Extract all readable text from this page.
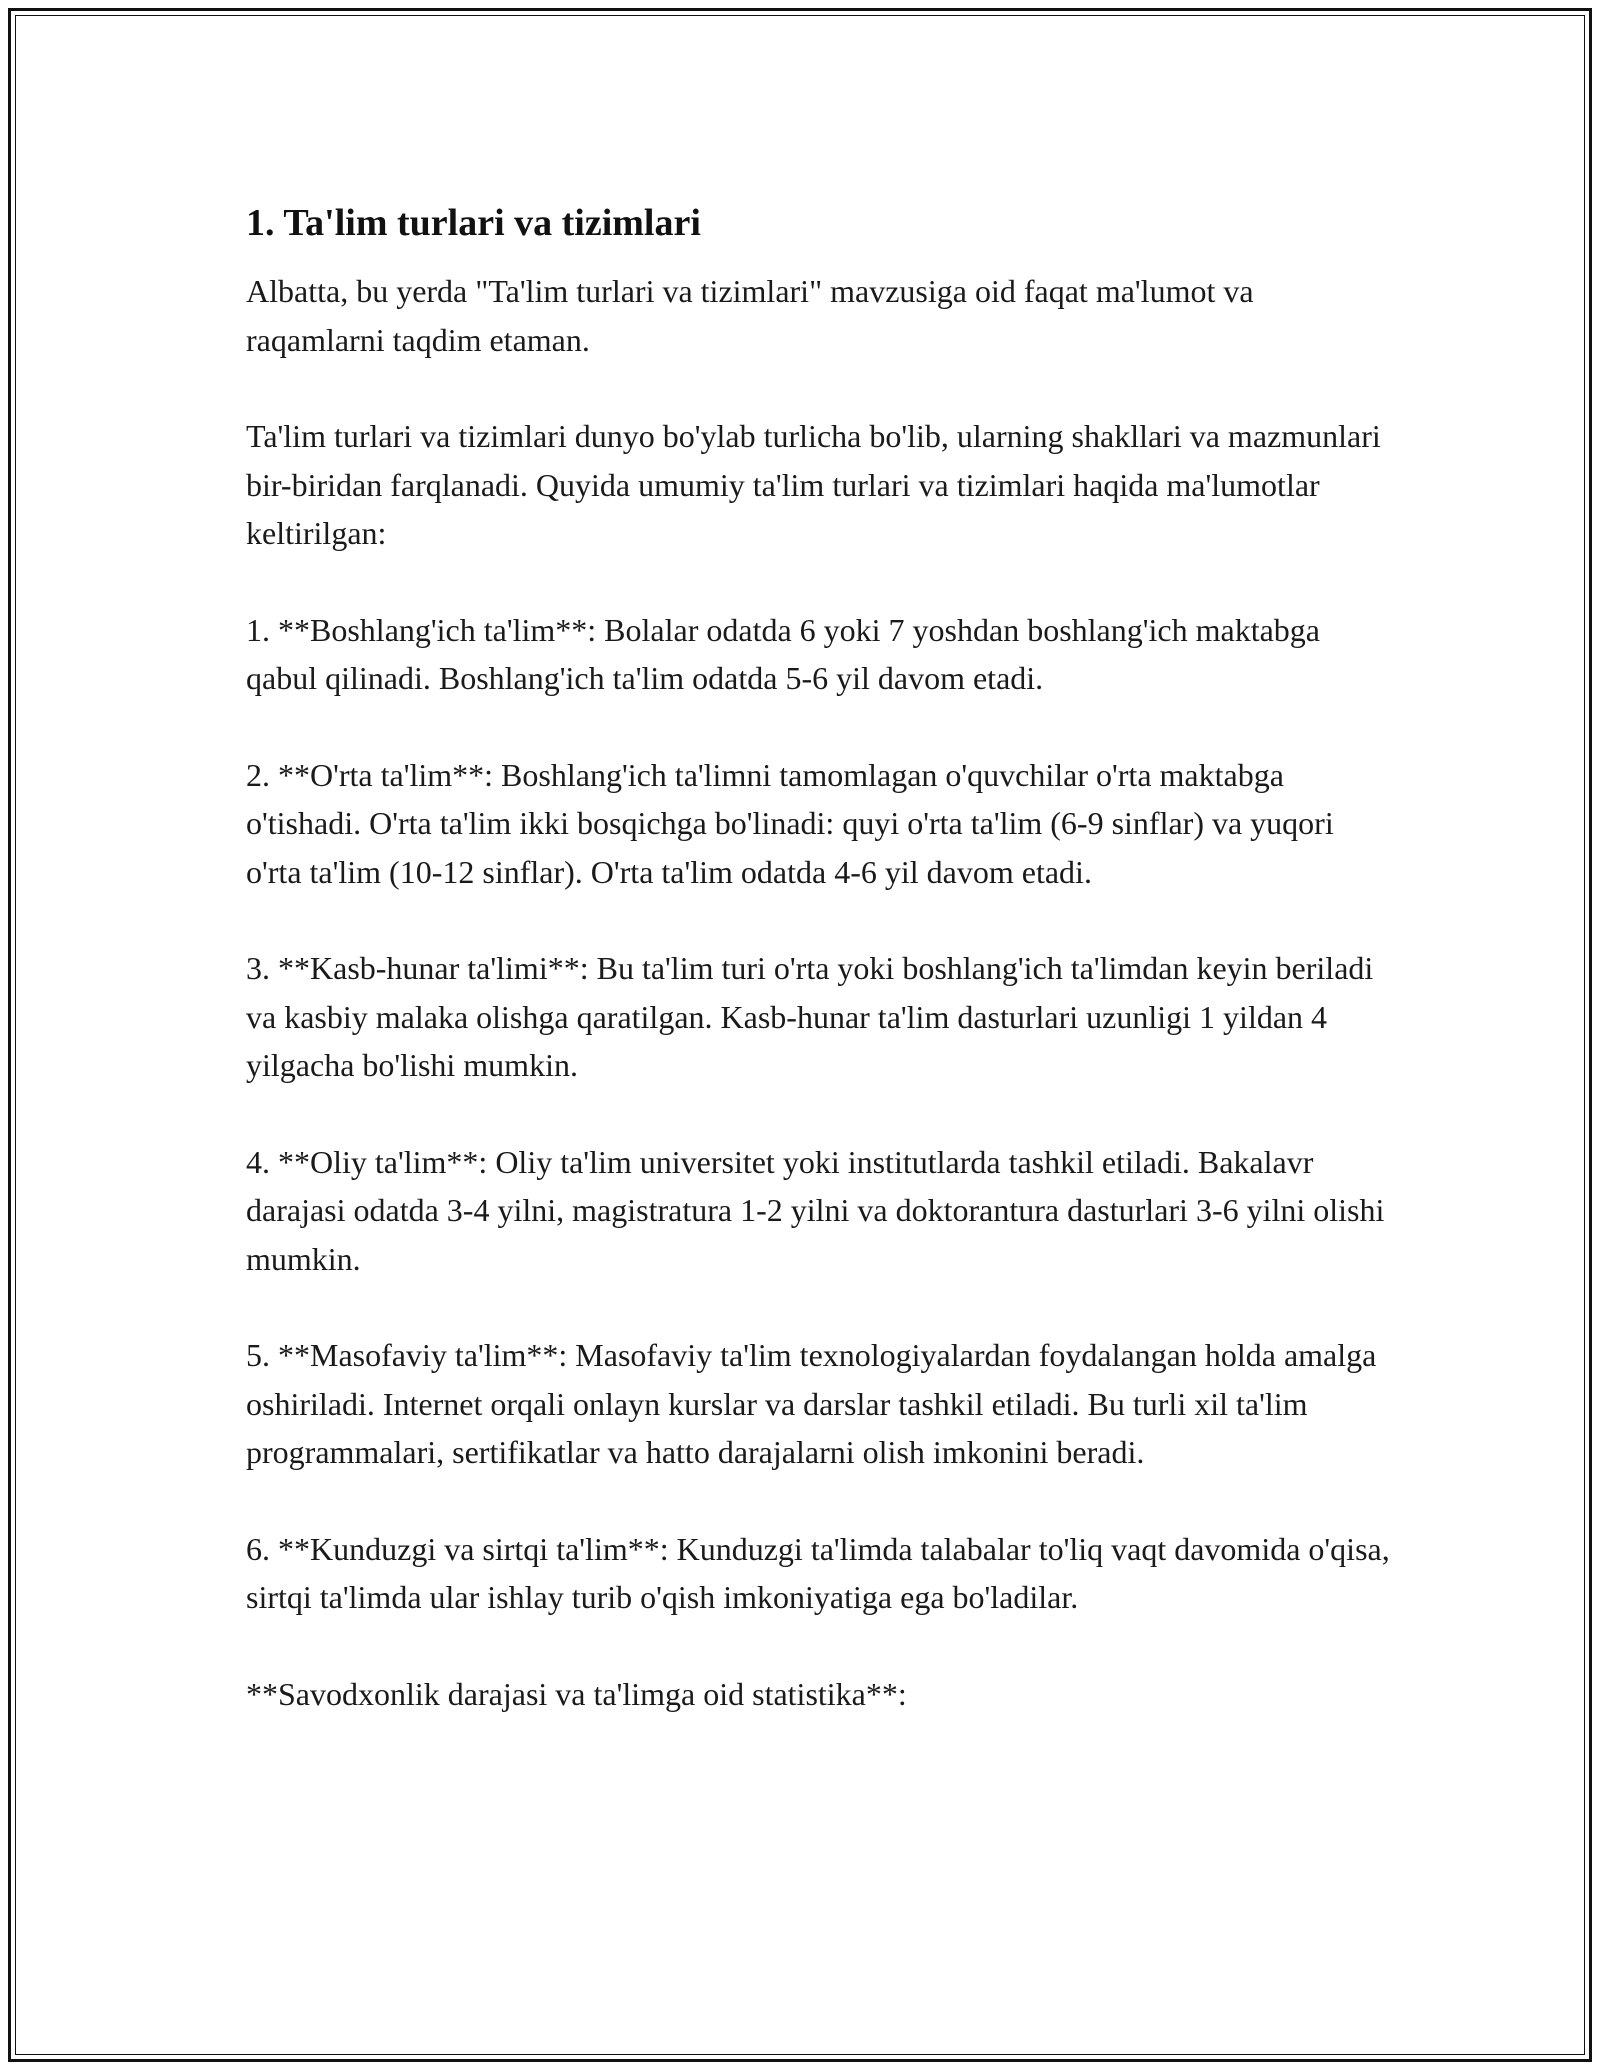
1. Ta'lim turlari va tizimlari

Albatta, bu yerda "Ta'lim turlari va tizimlari" mavzusiga oid faqat ma'lumot va raqamlarni taqdim etaman.

Ta'lim turlari va tizimlari dunyo bo'ylab turlicha bo'lib, ularning shakllari va mazmunlari bir-biridan farqlanadi. Quyida umumiy ta'lim turlari va tizimlari haqida ma'lumotlar keltirilgan:

1. **Boshlang'ich ta'lim**: Bolalar odatda 6 yoki 7 yoshdan boshlang'ich maktabga qabul qilinadi. Boshlang'ich ta'lim odatda 5-6 yil davom etadi.

2. **O'rta ta'lim**: Boshlang'ich ta'limni tamomlagan o'quvchilar o'rta maktabga o'tishadi. O'rta ta'lim ikki bosqichga bo'linadi: quyi o'rta ta'lim (6-9 sinflar) va yuqori o'rta ta'lim (10-12 sinflar). O'rta ta'lim odatda 4-6 yil davom etadi.

3. **Kasb-hunar ta'limi**: Bu ta'lim turi o'rta yoki boshlang'ich ta'limdan keyin beriladi va kasbiy malaka olishga qaratilgan. Kasb-hunar ta'lim dasturlari uzunligi 1 yildan 4 yilgacha bo'lishi mumkin.

4. **Oliy ta'lim**: Oliy ta'lim universitet yoki institutlarda tashkil etiladi. Bakalavr darajasi odatda 3-4 yilni, magistratura 1-2 yilni va doktorantura dasturlari 3-6 yilni olishi mumkin.

5. **Masofaviy ta'lim**: Masofaviy ta'lim texnologiyalardan foydalangan holda amalga oshiriladi. Internet orqali onlayn kurslar va darslar tashkil etiladi. Bu turli xil ta'lim programmalari, sertifikatlar va hatto darajalarni olish imkonini beradi.

6. **Kunduzgi va sirtqi ta'lim**: Kunduzgi ta'limda talabalar to'liq vaqt davomida o'qisa, sirtqi ta'limda ular ishlay turib o'qish imkoniyatiga ega bo'ladilar.

**Savodxonlik darajasi va ta'limga oid statistika**:
